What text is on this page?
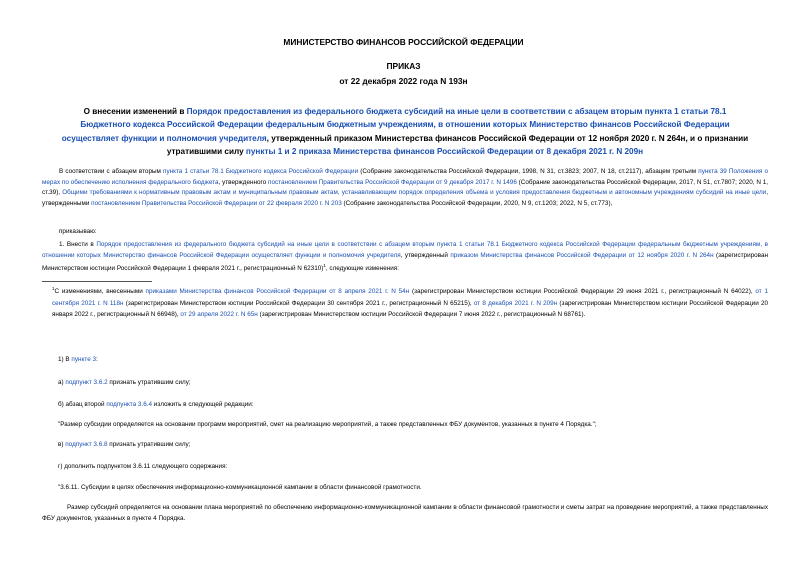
МИНИСТЕРСТВО ФИНАНСОВ РОССИЙСКОЙ ФЕДЕРАЦИИ
ПРИКАЗ
от 22 декабря 2022 года N 193н
О внесении изменений в Порядок предоставления из федерального бюджета субсидий на иные цели в соответствии с абзацем вторым пункта 1 статьи 78.1 Бюджетного кодекса Российской Федерации федеральным бюджетным учреждениям, в отношении которых Министерство финансов Российской Федерации осуществляет функции и полномочия учредителя, утвержденный приказом Министерства финансов Российской Федерации от 12 ноября 2020 г. N 264н, и о признании утратившими силу пункты 1 и 2 приказа Министерства финансов Российской Федерации от 8 декабря 2021 г. N 209н
В соответствии с абзацем вторым пункта 1 статьи 78.1 Бюджетного кодекса Российской Федерации (Собрание законодательства Российской Федерации, 1998, N 31, ст.3823; 2007, N 18, ст.2117), абзацем третьим пункта 39 Положения о мерах по обеспечению исполнения федерального бюджета, утвержденного постановлением Правительства Российской Федерации от 9 декабря 2017 г. N 1496 (Собрание законодательства Российской Федерации, 2017, N 51, ст.7807; 2020, N 1, ст.39), Общими требованиями к нормативным правовым актам и муниципальным правовым актам, устанавливающим порядок определения объема и условия предоставления бюджетным и автономным учреждениям субсидий на иные цели, утвержденными постановлением Правительства Российской Федерации от 22 февраля 2020 г. N 203 (Собрание законодательства Российской Федерации, 2020, N 9, ст.1203; 2022, N 5, ст.773),
приказываю:
1. Внести в Порядок предоставления из федерального бюджета субсидий на иные цели в соответствии с абзацем вторым пункта 1 статьи 78.1 Бюджетного кодекса Российской Федерации федеральным бюджетным учреждениям, в отношении которых Министерство финансов Российской Федерации осуществляет функции и полномочия учредителя, утвержденный приказом Министерства финансов Российской Федерации от 12 ноября 2020 г. N 264н (зарегистрирован Министерством юстиции Российской Федерации 1 февраля 2021 г., регистрационный N 62310)$^1$, следующие изменения:
$^1$С изменениями, внесенными приказами Министерства финансов Российской Федерации от 8 апреля 2021 г. N 54н (зарегистрирован Министерством юстиции Российской Федерации 29 июня 2021 г., регистрационный N 64022), от 1 сентября 2021 г. N 118н (зарегистрирован Министерством юстиции Российской Федерации 30 сентября 2021 г., регистрационный N 65215), от 8 декабря 2021 г. N 209н (зарегистрирован Министерством юстиции Российской Федерации 20 января 2022 г., регистрационный N 66948), от 29 апреля 2022 г. N 65н (зарегистрирован Министерством юстиции Российской Федерации 7 июня 2022 г., регистрационный N 68761).
1) В пункте 3:
а) подпункт 3.6.2 признать утратившим силу;
б) абзац второй подпункта 3.6.4 изложить в следующей редакции:
"Размер субсидии определяется на основании программ мероприятий, смет на реализацию мероприятий, а также представленных ФБУ документов, указанных в пункте 4 Порядка.";
в) подпункт 3.6.8 признать утратившим силу;
г) дополнить подпунктом 3.6.11 следующего содержания:
"3.6.11. Субсидии в целях обеспечения информационно-коммуникационной кампании в области финансовой грамотности.
Размер субсидий определяется на основании плана мероприятий по обеспечению информационно-коммуникационной кампании в области финансовой грамотности и сметы затрат на проведение мероприятий, а также представленных ФБУ документов, указанных в пункте 4 Порядка.
